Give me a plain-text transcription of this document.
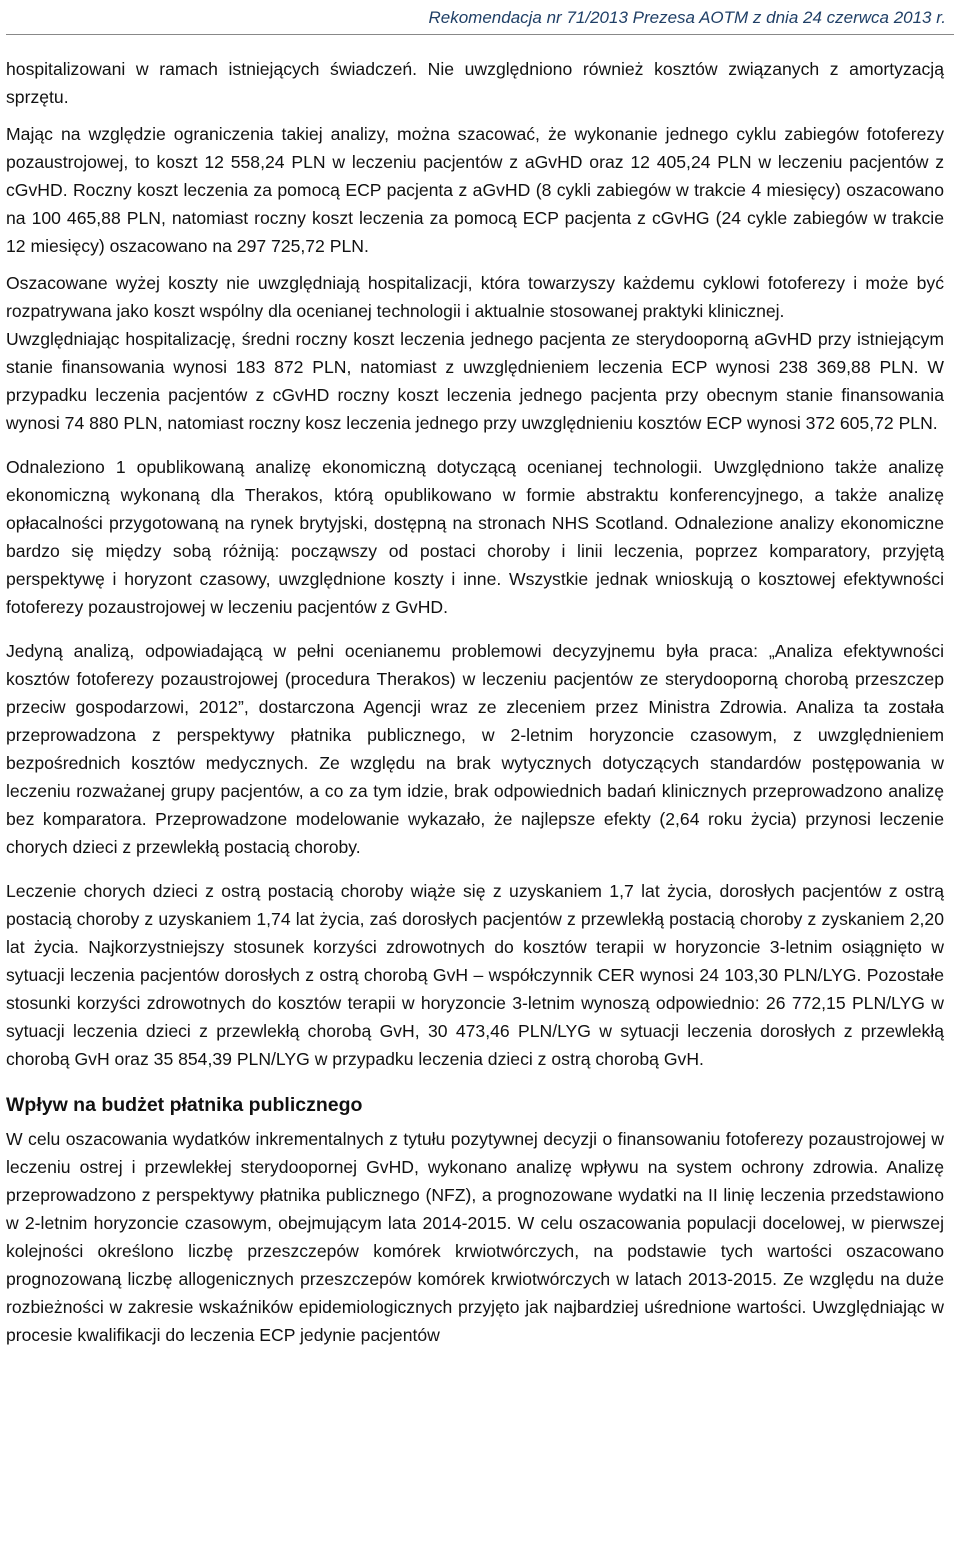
Rekomendacja nr 71/2013 Prezesa AOTM z dnia 24 czerwca 2013 r.

hospitalizowani w ramach istniejących świadczeń. Nie uwzględniono również kosztów związanych z amortyzacją sprzętu.

Mając na względzie ograniczenia takiej analizy, można szacować, że wykonanie jednego cyklu zabiegów fotoferezy pozaustrojowej, to koszt 12 558,24 PLN w leczeniu pacjentów z aGvHD oraz 12 405,24 PLN w leczeniu pacjentów z cGvHD. Roczny koszt leczenia za pomocą ECP pacjenta z aGvHD (8 cykli zabiegów w trakcie 4 miesięcy) oszacowano na 100 465,88 PLN, natomiast roczny koszt leczenia za pomocą ECP pacjenta z cGvHG (24 cykle zabiegów w trakcie 12 miesięcy) oszacowano na 297 725,72 PLN.

Oszacowane wyżej koszty nie uwzględniają hospitalizacji, która towarzyszy każdemu cyklowi fotoferezy i może być rozpatrywana jako koszt wspólny dla ocenianej technologii i aktualnie stosowanej praktyki klinicznej.

Uwzględniając hospitalizację, średni roczny koszt leczenia jednego pacjenta ze sterydooporną aGvHD przy istniejącym stanie finansowania wynosi 183 872 PLN, natomiast z uwzględnieniem leczenia ECP wynosi 238 369,88 PLN. W przypadku leczenia pacjentów z cGvHD roczny koszt leczenia jednego pacjenta przy obecnym stanie finansowania wynosi 74 880 PLN, natomiast roczny kosz leczenia jednego przy uwzględnieniu kosztów ECP wynosi 372 605,72 PLN.

Odnaleziono 1 opublikowaną analizę ekonomiczną dotyczącą ocenianej technologii. Uwzględniono także analizę ekonomiczną wykonaną dla Therakos, którą opublikowano w formie abstraktu konferencyjnego, a także analizę opłacalności przygotowaną na rynek brytyjski, dostępną na stronach NHS Scotland. Odnalezione analizy ekonomiczne bardzo się między sobą różniją: począwszy od postaci choroby i linii leczenia, poprzez komparatory, przyjętą perspektywę i horyzont czasowy, uwzględnione koszty i inne. Wszystkie jednak wnioskują o kosztowej efektywności fotoferezy pozaustrojowej w leczeniu pacjentów z GvHD.

Jedyną analizą, odpowiadającą w pełni ocenianemu problemowi decyzyjnemu była praca: „Analiza efektywności kosztów fotoferezy pozaustrojowej (procedura Therakos) w leczeniu pacjentów ze sterydooporną chorobą przeszczep przeciw gospodarzowi, 2012”, dostarczona Agencji wraz ze zleceniem przez Ministra Zdrowia. Analiza ta została przeprowadzona z perspektywy płatnika publicznego, w 2-letnim horyzoncie czasowym, z uwzględnieniem bezpośrednich kosztów medycznych. Ze względu na brak wytycznych dotyczących standardów postępowania w leczeniu rozważanej grupy pacjentów, a co za tym idzie, brak odpowiednich badań klinicznych przeprowadzono analizę bez komparatora. Przeprowadzone modelowanie wykazało, że najlepsze efekty (2,64 roku życia) przynosi leczenie chorych dzieci z przewlekłą postacią choroby.

Leczenie chorych dzieci z ostrą postacią choroby wiąże się z uzyskaniem 1,7 lat życia, dorosłych pacjentów z ostrą postacią choroby z uzyskaniem 1,74 lat życia, zaś dorosłych pacjentów z przewlekłą postacią choroby z zyskaniem 2,20 lat życia. Najkorzystniejszy stosunek korzyści zdrowotnych do kosztów terapii w horyzoncie 3-letnim osiągnięto w sytuacji leczenia pacjentów dorosłych z ostrą chorobą GvH – współczynnik CER wynosi 24 103,30 PLN/LYG. Pozostałe stosunki korzyści zdrowotnych do kosztów terapii w horyzoncie 3-letnim wynoszą odpowiednio: 26 772,15 PLN/LYG w sytuacji leczenia dzieci z przewlekłą chorobą GvH, 30 473,46 PLN/LYG w sytuacji leczenia dorosłych z przewlekłą chorobą GvH oraz 35 854,39 PLN/LYG w przypadku leczenia dzieci z ostrą chorobą GvH.

Wpływ na budżet płatnika publicznego

W celu oszacowania wydatków inkrementalnych z tytułu pozytywnej decyzji o finansowaniu fotoferezy pozaustrojowej w leczeniu ostrej i przewlekłej sterydoopornej GvHD, wykonano analizę wpływu na system ochrony zdrowia. Analizę przeprowadzono z perspektywy płatnika publicznego (NFZ), a prognozowane wydatki na II linię leczenia przedstawiono w 2-letnim horyzoncie czasowym, obejmującym lata 2014-2015. W celu oszacowania populacji docelowej, w pierwszej kolejności określono liczbę przeszczepów komórek krwiotwórczych, na podstawie tych wartości oszacowano prognozowaną liczbę allogenicznych przeszczepów komórek krwiotwórczych w latach 2013-2015. Ze względu na duże rozbieżności w zakresie wskaźników epidemiologicznych przyjęto jak najbardziej uśrednione wartości. Uwzględniając w procesie kwalifikacji do leczenia ECP jedynie pacjentów
